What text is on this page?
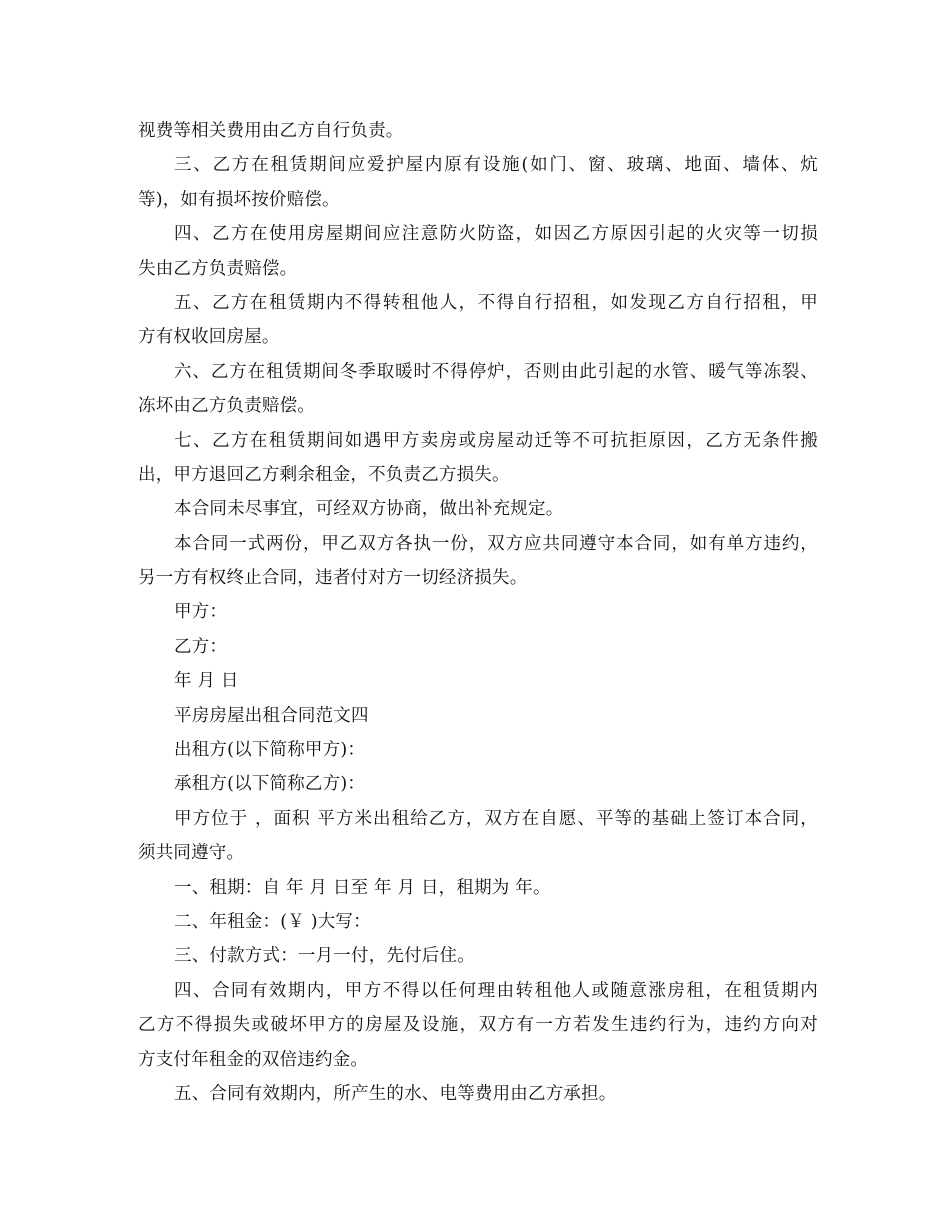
视费等相关费用由乙方自行负责。
三、乙方在租赁期间应爱护屋内原有设施(如门、窗、玻璃、地面、墙体、炕
等)，如有损坏按价赔偿。
四、乙方在使用房屋期间应注意防火防盗，如因乙方原因引起的火灾等一切损
失由乙方负责赔偿。
五、乙方在租赁期内不得转租他人，不得自行招租，如发现乙方自行招租，甲
方有权收回房屋。
六、乙方在租赁期间冬季取暖时不得停炉，否则由此引起的水管、暖气等冻裂、
冻坏由乙方负责赔偿。
七、乙方在租赁期间如遇甲方卖房或房屋动迁等不可抗拒原因，乙方无条件搬
出，甲方退回乙方剩余租金，不负责乙方损失。
本合同未尽事宜，可经双方协商，做出补充规定。
本合同一式两份，甲乙双方各执一份，双方应共同遵守本合同，如有单方违约，
另一方有权终止合同，违者付对方一切经济损失。
甲方：
乙方：
年 月 日
平房房屋出租合同范文四
出租方(以下简称甲方)：
承租方(以下简称乙方)：
甲方位于 ，面积 平方米出租给乙方，双方在自愿、平等的基础上签订本合同，
须共同遵守。
一、租期：自 年 月 日至 年 月 日，租期为 年。
二、年租金：(￥ )大写：
三、付款方式：一月一付，先付后住。
四、合同有效期内，甲方不得以任何理由转租他人或随意涨房租，在租赁期内
乙方不得损失或破坏甲方的房屋及设施，双方有一方若发生违约行为，违约方向对
方支付年租金的双倍违约金。
五、合同有效期内，所产生的水、电等费用由乙方承担。
